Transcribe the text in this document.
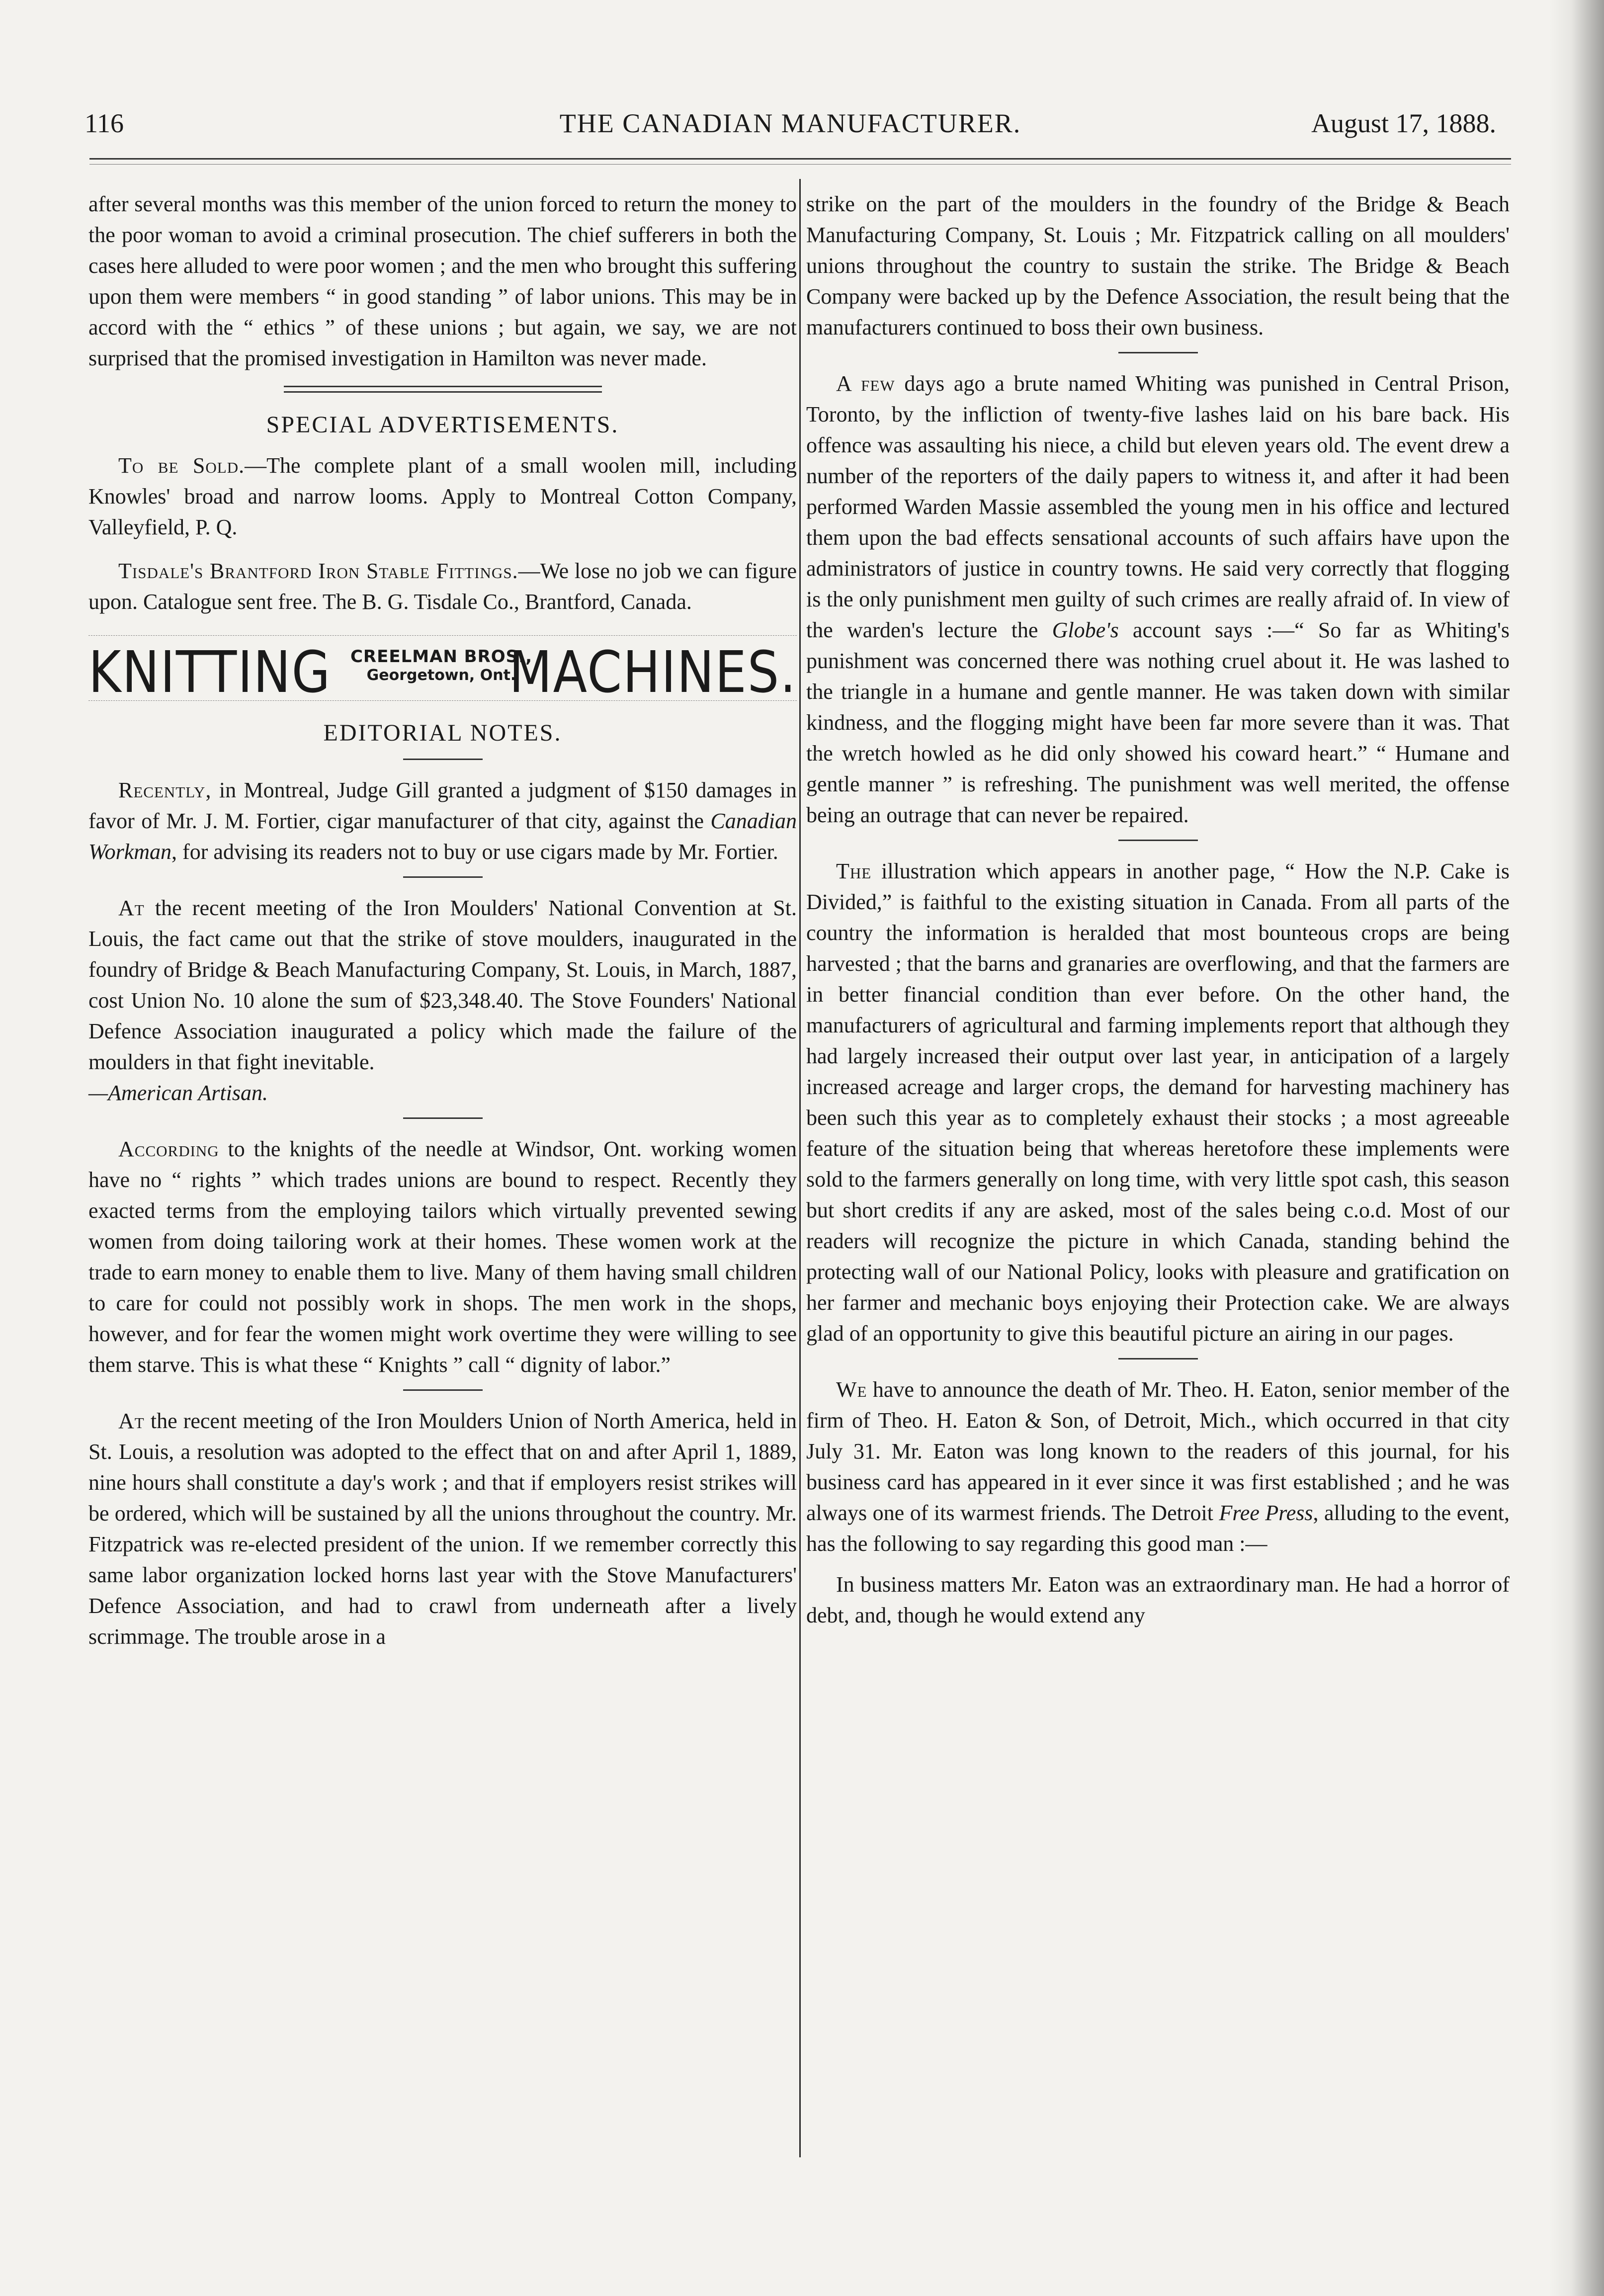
116	THE CANADIAN MANUFACTURER.	August 17, 1888.

after several months was this member of the union forced to return the money to the poor woman to avoid a criminal prosecution. The chief sufferers in both the cases here alluded to were poor women ; and the men who brought this suffering upon them were members “ in good standing ” of labor unions. This may be in accord with the “ ethics ” of these unions ; but again, we say, we are not surprised that the promised investigation in Hamilton was never made.

SPECIAL ADVERTISEMENTS.

To be Sold.—The complete plant of a small woolen mill, including Knowles' broad and narrow looms. Apply to Montreal Cotton Company, Valleyfield, P. Q.

Tisdale's Brantford Iron Stable Fittings.—We lose no job we can figure upon. Catalogue sent free. The B. G. Tisdale Co., Brantford, Canada.

KNITTING	CREELMAN BROS.,
Georgetown, Ont.
MACHINES.
EDITORIAL NOTES.

Recently, in Montreal, Judge Gill granted a judgment of $150 damages in favor of Mr. J. M. Fortier, cigar manufacturer of that city, against the Canadian Workman, for advising its readers not to buy or use cigars made by Mr. Fortier.

At the recent meeting of the Iron Moulders' National Convention at St. Louis, the fact came out that the strike of stove moulders, inaugurated in the foundry of Bridge & Beach Manufacturing Company, St. Louis, in March, 1887, cost Union No. 10 alone the sum of $23,348.40. The Stove Founders' National Defence Association inaugurated a policy which made the failure of the moulders in that fight inevitable.

—American Artisan.

According to the knights of the needle at Windsor, Ont. working women have no “ rights ” which trades unions are bound to respect. Recently they exacted terms from the employing tailors which virtually prevented sewing women from doing tailoring work at their homes. These women work at the trade to earn money to enable them to live. Many of them having small children to care for could not possibly work in shops. The men work in the shops, however, and for fear the women might work overtime they were willing to see them starve. This is what these “ Knights ” call “ dignity of labor.”

At the recent meeting of the Iron Moulders Union of North America, held in St. Louis, a resolution was adopted to the effect that on and after April 1, 1889, nine hours shall constitute a day's work ; and that if employers resist strikes will be ordered, which will be sustained by all the unions throughout the country. Mr. Fitzpatrick was re-elected president of the union. If we remember correctly this same labor organization locked horns last year with the Stove Manufacturers' Defence Association, and had to crawl from underneath after a lively scrimmage. The trouble arose in a

strike on the part of the moulders in the foundry of the Bridge & Beach Manufacturing Company, St. Louis ; Mr. Fitzpatrick calling on all moulders' unions throughout the country to sustain the strike. The Bridge & Beach Company were backed up by the Defence Association, the result being that the manufacturers continued to boss their own business.

A few days ago a brute named Whiting was punished in Central Prison, Toronto, by the infliction of twenty-five lashes laid on his bare back. His offence was assaulting his niece, a child but eleven years old. The event drew a number of the reporters of the daily papers to witness it, and after it had been performed Warden Massie assembled the young men in his office and lectured them upon the bad effects sensational accounts of such affairs have upon the administrators of justice in country towns. He said very correctly that flogging is the only punishment men guilty of such crimes are really afraid of. In view of the warden's lecture the Globe's account says :—“ So far as Whiting's punishment was concerned there was nothing cruel about it. He was lashed to the triangle in a humane and gentle manner. He was taken down with similar kindness, and the flogging might have been far more severe than it was. That the wretch howled as he did only showed his coward heart.” “ Humane and gentle manner ” is refreshing. The punishment was well merited, the offense being an outrage that can never be repaired.

The illustration which appears in another page, “ How the N.P. Cake is Divided,” is faithful to the existing situation in Canada. From all parts of the country the information is heralded that most bounteous crops are being harvested ; that the barns and granaries are overflowing, and that the farmers are in better financial condition than ever before. On the other hand, the manufacturers of agricultural and farming implements report that although they had largely increased their output over last year, in anticipation of a largely increased acreage and larger crops, the demand for harvesting machinery has been such this year as to completely exhaust their stocks ; a most agreeable feature of the situation being that whereas heretofore these implements were sold to the farmers generally on long time, with very little spot cash, this season but short credits if any are asked, most of the sales being c.o.d. Most of our readers will recognize the picture in which Canada, standing behind the protecting wall of our National Policy, looks with pleasure and gratification on her farmer and mechanic boys enjoying their Protection cake. We are always glad of an opportunity to give this beautiful picture an airing in our pages.

We have to announce the death of Mr. Theo. H. Eaton, senior member of the firm of Theo. H. Eaton & Son, of Detroit, Mich., which occurred in that city July 31. Mr. Eaton was long known to the readers of this journal, for his business card has appeared in it ever since it was first established ; and he was always one of its warmest friends. The Detroit Free Press, alluding to the event, has the following to say regarding this good man :—

In business matters Mr. Eaton was an extraordinary man. He had a horror of debt, and, though he would extend any
